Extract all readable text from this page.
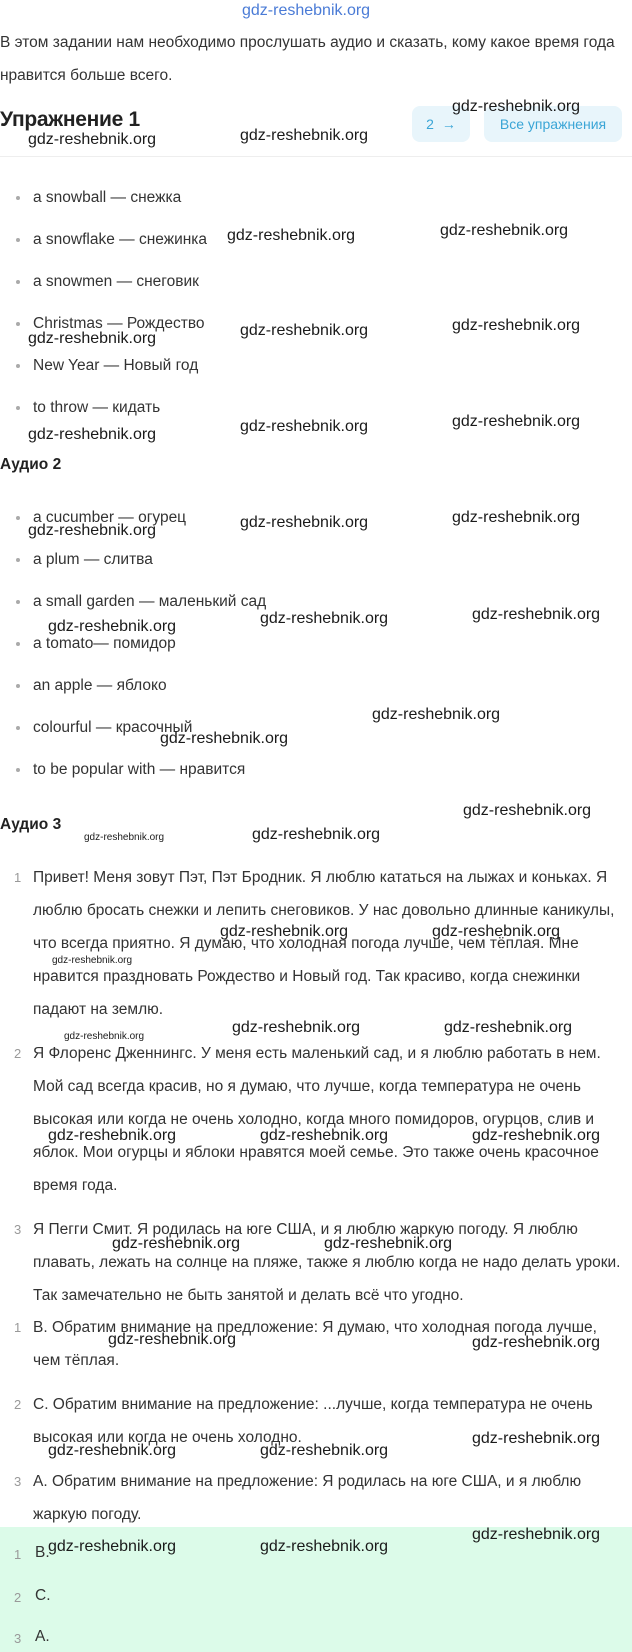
gdz-reshebnik.org
В этом задании нам необходимо прослушать аудио и сказать, кому какое время года нравится больше всего.
Упражнение 1	2 →	Все упражнения
a snowball — снежка
a snowflake — снежинка
a snowmen — снеговик
Christmas — Рождество
New Year — Новый год
to throw — кидать
Аудио 2
a cucumber — огурец
a plum — слитва
a small garden — маленький сад
a tomato— помидор
an apple — яблоко
colourful — красочный
to be popular with — нравится
Аудио 3
1 Привет! Меня зовут Пэт, Пэт Бродник. Я люблю кататься на лыжах и коньках. Я люблю бросать снежки и лепить снеговиков. У нас довольно длинные каникулы, что всегда приятно. Я думаю, что холодная погода лучше, чем тёплая. Мне нравится праздновать Рождество и Новый год. Так красиво, когда снежинки падают на землю.
2 Я Флоренс Дженнингс. У меня есть маленький сад, и я люблю работать в нем. Мой сад всегда красив, но я думаю, что лучше, когда температура не очень высокая или когда не очень холодно, когда много помидоров, огурцов, слив и яблок. Мои огурцы и яблоки нравятся моей семье. Это также очень красочное время года.
3 Я Пегги Смит. Я родилась на юге США, и я люблю жаркую погоду. Я люблю плавать, лежать на солнце на пляже, также я люблю когда не надо делать уроки. Так замечательно не быть занятой и делать всё что угодно.
1 B. Обратим внимание на предложение: Я думаю, что холодная погода лучше, чем тёплая.
2 C. Обратим внимание на предложение: ...лучше, когда температура не очень высокая или когда не очень холодно.
3 A. Обратим внимание на предложение: Я родилась на юге США, и я люблю жаркую погоду.
1 B.
2 C.
3 A.
gdz-reshebnik.org
gdz-reshebnik.org	gdz-reshebnik.org
gdz-reshebnik.org	gdz-reshebnik.org
gdz-reshebnik.org	gdz-reshebnik.org	gdz-reshebnik.org
gdz-reshebnik.org	gdz-reshebnik.org	gdz-reshebnik.org
gdz-reshebnik.org	gdz-reshebnik.org	gdz-reshebnik.org
gdz-reshebnik.org	gdz-reshebnik.org	gdz-reshebnik.org
gdz-reshebnik.org
gdz-reshebnik.org
gdz-reshebnik.org
gdz-reshebnik.org	gdz-reshebnik.org
gdz-reshebnik.org	gdz-reshebnik.org
gdz-reshebnik.org
gdz-reshebnik.org	gdz-reshebnik.org
gdz-reshebnik.org
gdz-reshebnik.org	gdz-reshebnik.org	gdz-reshebnik.org
gdz-reshebnik.org	gdz-reshebnik.org
gdz-reshebnik.org	gdz-reshebnik.org
gdz-reshebnik.org	gdz-reshebnik.org
gdz-reshebnik.org
gdz-reshebnik.org	gdz-reshebnik.org
gdz-reshebnik.org
